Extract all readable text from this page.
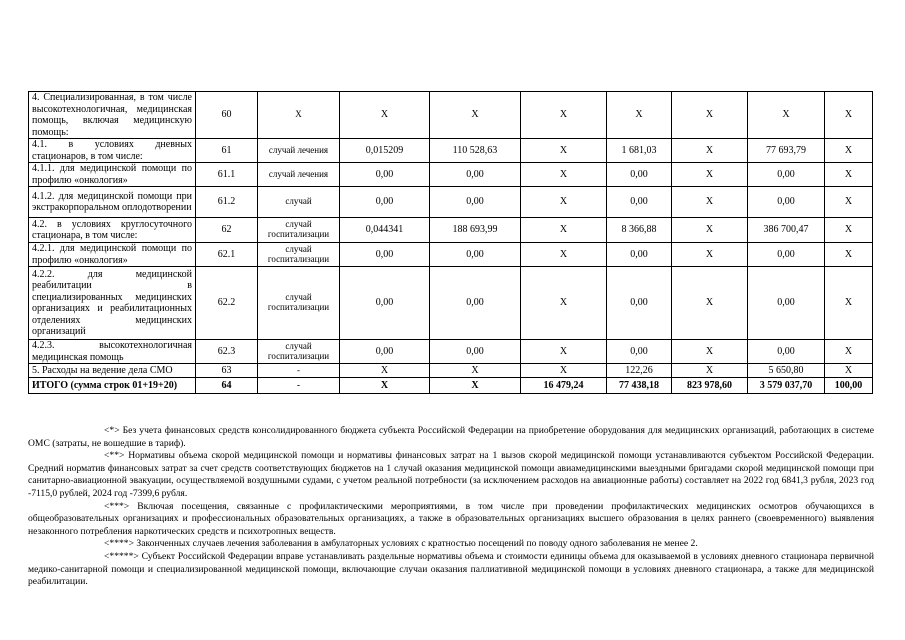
4. Специализированная, в том числе высокотехнологичная, медицинская помощь, включая медицинскую помощь:	60	X	X	X	X	X	X	X	X
4.1. в условиях дневных стационаров, в том числе:	61	случай лечения	0,015209	110 528,63	X	1 681,03	X	77 693,79	X
4.1.1. для медицинской помощи по профилю «онкология»	61.1	случай лечения	0,00	0,00	X	0,00	X	0,00	X
4.1.2. для медицинской помощи при экстракорпоральном оплодотворении	61.2	случай	0,00	0,00	X	0,00	X	0,00	X
4.2. в условиях круглосуточного стационара, в том числе:	62	случай госпитализации	0,044341	188 693,99	X	8 366,88	X	386 700,47	X
4.2.1. для медицинской помощи по профилю «онкология»	62.1	случай госпитализации	0,00	0,00	X	0,00	X	0,00	X
4.2.2. для медицинской реабилитации в специализированных медицинских организациях и реабилитационных отделениях медицинских организаций	62.2	случай госпитализации	0,00	0,00	X	0,00	X	0,00	X
4.2.3. высокотехнологичная медицинская помощь	62.3	случай госпитализации	0,00	0,00	X	0,00	X	0,00	X
5. Расходы на ведение дела СМО	63	-	X	X	X	122,26	X	5 650,80	X
ИТОГО (сумма строк 01+19+20)	64	-	X	X	16 479,24	77 438,18	823 978,60	3 579 037,70	100,00

<*> Без учета финансовых средств консолидированного бюджета субъекта Российской Федерации на приобретение оборудования для медицинских организаций, работающих в системе ОМС (затраты, не вошедшие в тариф).

<**> Нормативы объема скорой медицинской помощи и нормативы финансовых затрат на 1 вызов скорой медицинской помощи устанавливаются субъектом Российской Федерации. Средний норматив финансовых затрат за счет средств соответствующих бюджетов на 1 случай оказания медицинской помощи авиамедицинскими выездными бригадами скорой медицинской помощи при санитарно-авиационной эвакуации, осуществляемой воздушными судами, с учетом реальной потребности (за исключением расходов на авиационные работы) составляет на 2022 год 6841,3 рубля, 2023 год -7115,0 рублей, 2024 год -7399,6 рубля.

<***> Включая посещения, связанные с профилактическими мероприятиями, в том числе при проведении профилактических медицинских осмотров обучающихся в общеобразовательных организациях и профессиональных образовательных организациях, а также в образовательных организациях высшего образования в целях раннего (своевременного) выявления незаконного потребления наркотических средств и психотропных веществ.

<****> Законченных случаев лечения заболевания в амбулаторных условиях с кратностью посещений по поводу одного заболевания не менее 2.

<*****> Субъект Российской Федерации вправе устанавливать раздельные нормативы объема и стоимости единицы объема для оказываемой в условиях дневного стационара первичной медико-санитарной помощи и специализированной медицинской помощи, включающие случаи оказания паллиативной медицинской помощи в условиях дневного стационара, а также для медицинской реабилитации.
